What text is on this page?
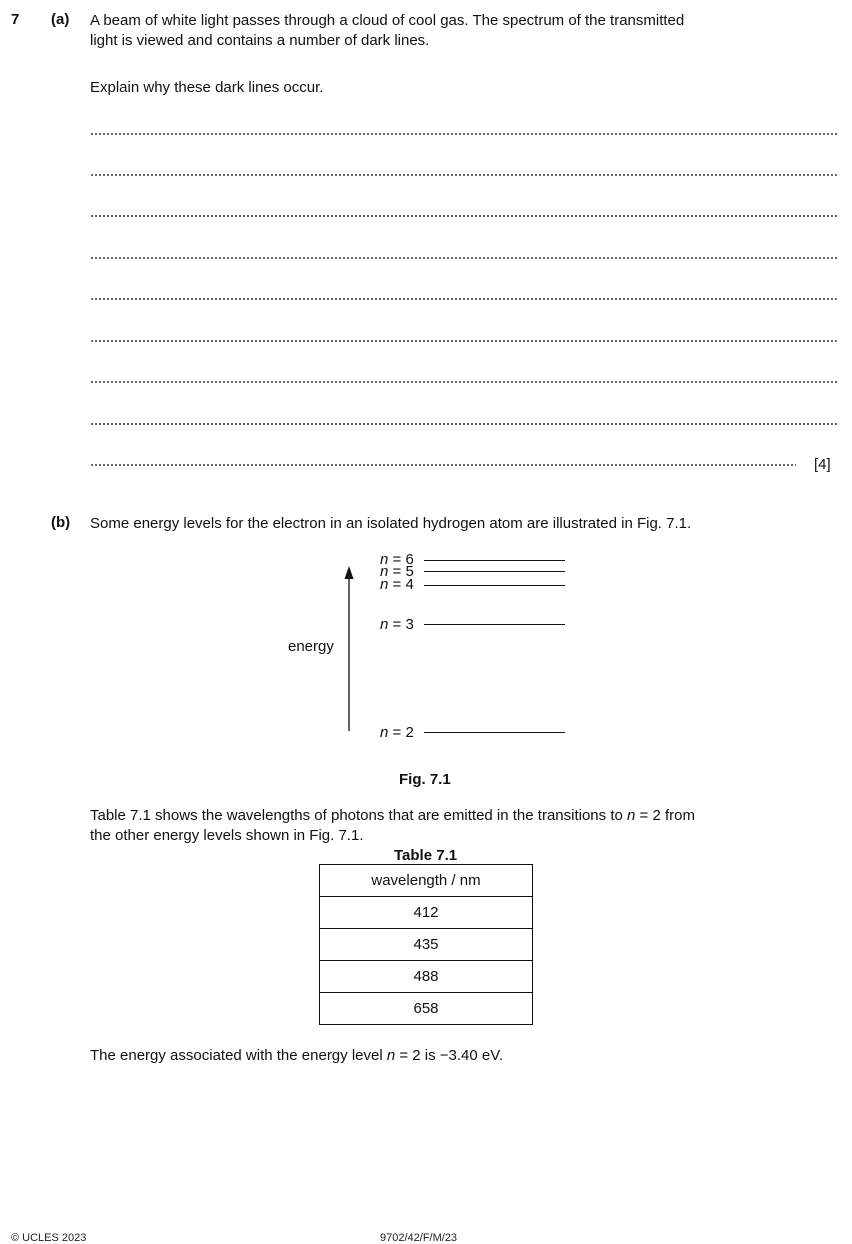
7 (a) A beam of white light passes through a cloud of cool gas. The spectrum of the transmitted
light is viewed and contains a number of dark lines.
Explain why these dark lines occur.
[4]
(b) Some energy levels for the electron in an isolated hydrogen atom are illustrated in Fig. 7.1.
energy
n = 6
n = 5
n = 4
n = 3
n = 2
Fig. 7.1
Table 7.1 shows the wavelengths of photons that are emitted in the transitions to n = 2 from
the other energy levels shown in Fig. 7.1.
Table 7.1
wavelength / nm
412
435
488
658
The energy associated with the energy level n = 2 is −3.40 eV.
© UCLES 2023	9702/42/F/M/23
